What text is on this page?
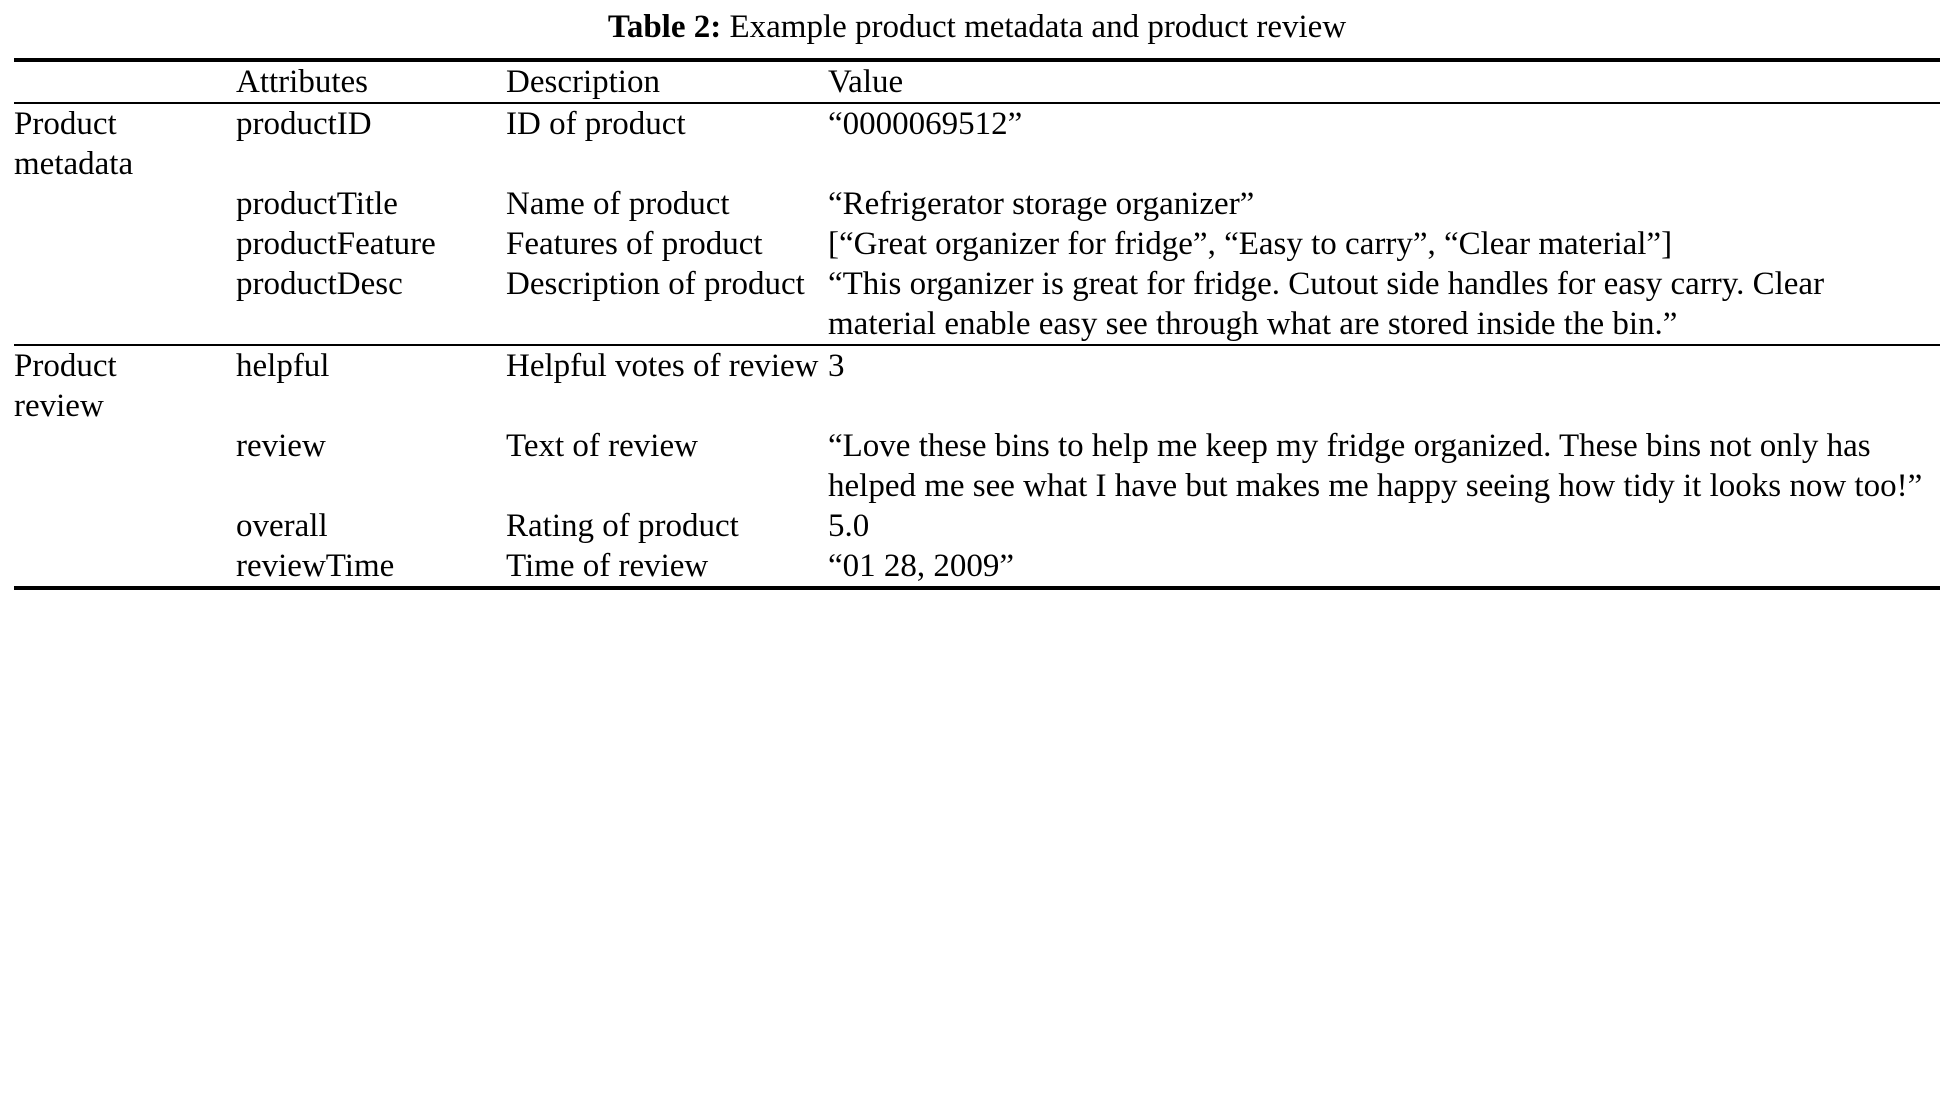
Table 2: Example product metadata and product review

	Attributes	Description	Value

Product
metadata	productID	ID of product	“0000069512”

	productTitle	Name of product	“Refrigerator storage organizer”
	productFeature	Features of product	[“Great organizer for fridge”, “Easy to carry”, “Clear material”]
	productDesc	Description of product	“This organizer is great for fridge. Cutout side handles for easy carry. Clear material enable easy see through what are stored inside the bin.”

Product
review	helpful	Helpful votes of review	3

	review	Text of review	“Love these bins to help me keep my fridge organized. These bins not only has helped me see what I have but makes me happy seeing how tidy it looks now too!”
	overall	Rating of product	5.0
	reviewTime	Time of review	“01 28, 2009”
